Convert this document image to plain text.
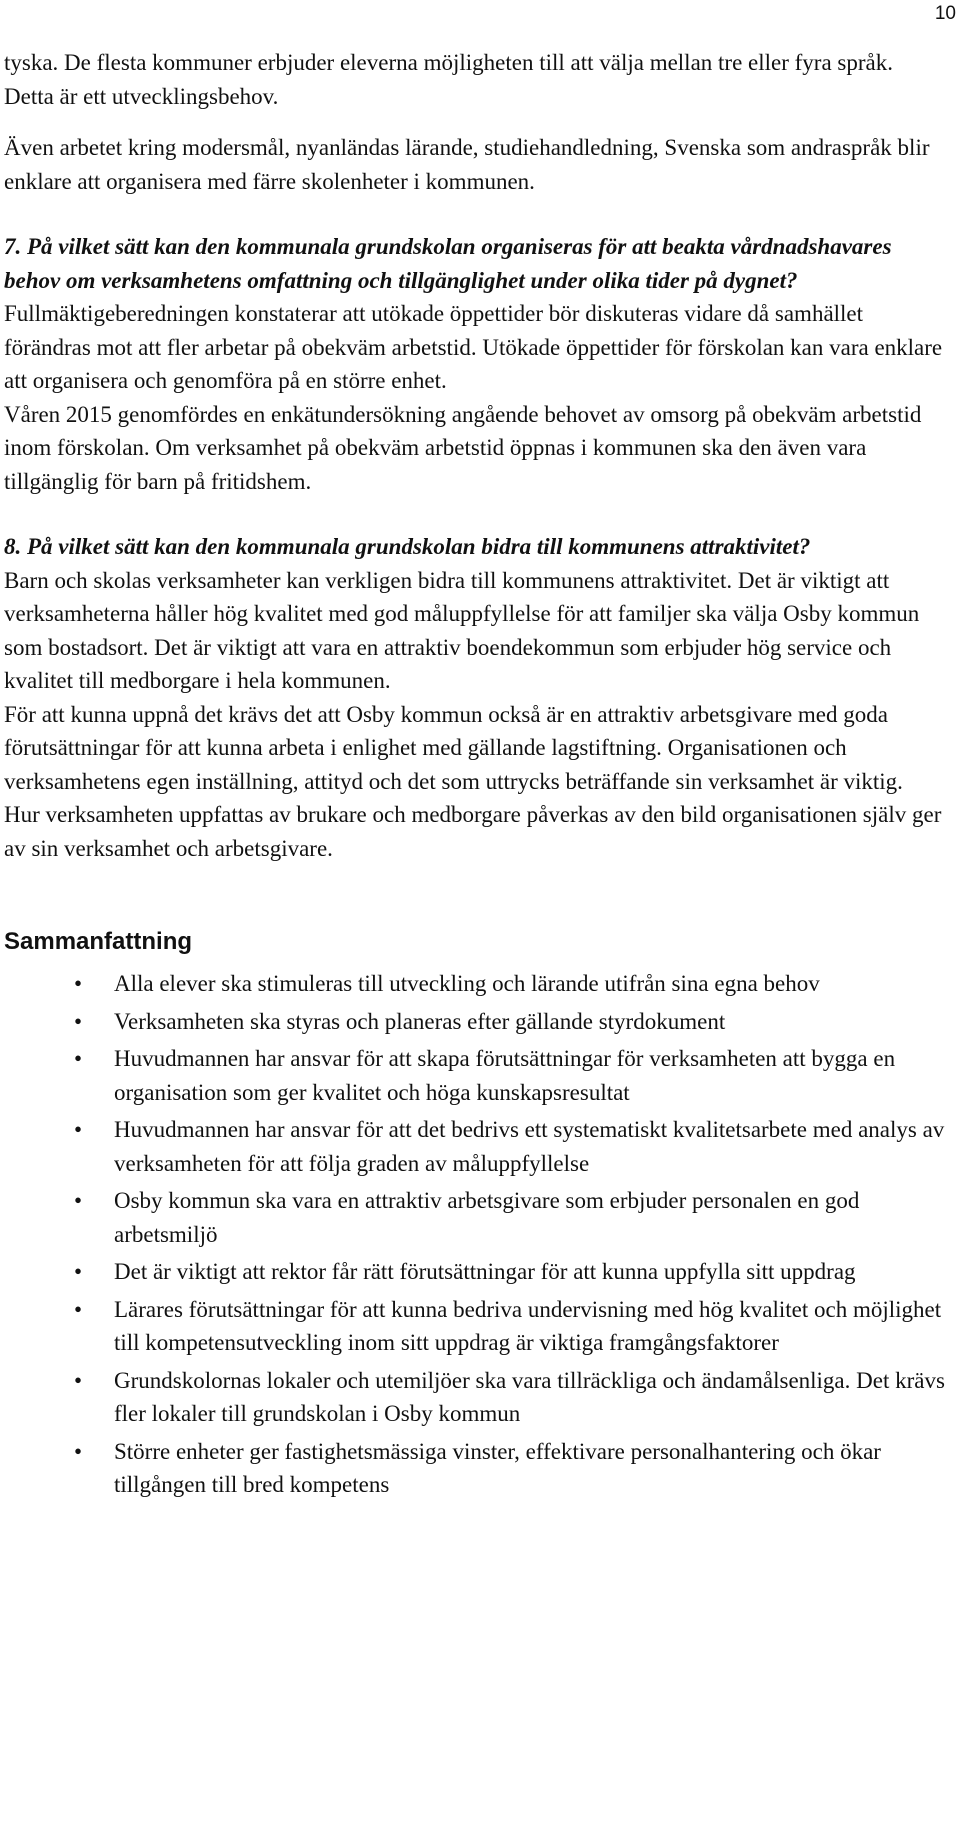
10

tyska. De flesta kommuner erbjuder eleverna möjligheten till att välja mellan tre eller fyra språk. Detta är ett utvecklingsbehov.

Även arbetet kring modersmål, nyanländas lärande, studiehandledning, Svenska som andraspråk blir enklare att organisera med färre skolenheter i kommunen.

7. På vilket sätt kan den kommunala grundskolan organiseras för att beakta vårdnadshavares behov om verksamhetens omfattning och tillgänglighet under olika tider på dygnet?

Fullmäktigeberedningen konstaterar att utökade öppettider bör diskuteras vidare då samhället förändras mot att fler arbetar på obekväm arbetstid. Utökade öppettider för förskolan kan vara enklare att organisera och genomföra på en större enhet.

Våren 2015 genomfördes en enkätundersökning angående behovet av omsorg på obekväm arbetstid inom förskolan. Om verksamhet på obekväm arbetstid öppnas i kommunen ska den även vara tillgänglig för barn på fritidshem.

8. På vilket sätt kan den kommunala grundskolan bidra till kommunens attraktivitet?

Barn och skolas verksamheter kan verkligen bidra till kommunens attraktivitet. Det är viktigt att verksamheterna håller hög kvalitet med god måluppfyllelse för att familjer ska välja Osby kommun som bostadsort. Det är viktigt att vara en attraktiv boendekommun som erbjuder hög service och kvalitet till medborgare i hela kommunen.

För att kunna uppnå det krävs det att Osby kommun också är en attraktiv arbetsgivare med goda förutsättningar för att kunna arbeta i enlighet med gällande lagstiftning. Organisationen och verksamhetens egen inställning, attityd och det som uttrycks beträffande sin verksamhet är viktig. Hur verksamheten uppfattas av brukare och medborgare påverkas av den bild organisationen själv ger av sin verksamhet och arbetsgivare.

Sammanfattning
• Alla elever ska stimuleras till utveckling och lärande utifrån sina egna behov
• Verksamheten ska styras och planeras efter gällande styrdokument
• Huvudmannen har ansvar för att skapa förutsättningar för verksamheten att bygga en organisation som ger kvalitet och höga kunskapsresultat
• Huvudmannen har ansvar för att det bedrivs ett systematiskt kvalitetsarbete med analys av verksamheten för att följa graden av måluppfyllelse
• Osby kommun ska vara en attraktiv arbetsgivare som erbjuder personalen en god arbetsmiljö
• Det är viktigt att rektor får rätt förutsättningar för att kunna uppfylla sitt uppdrag
• Lärares förutsättningar för att kunna bedriva undervisning med hög kvalitet och möjlighet till kompetensutveckling inom sitt uppdrag är viktiga framgångsfaktorer
• Grundskolornas lokaler och utemiljöer ska vara tillräckliga och ändamålsenliga. Det krävs fler lokaler till grundskolan i Osby kommun
• Större enheter ger fastighetsmässiga vinster, effektivare personalhantering och ökar tillgången till bred kompetens
